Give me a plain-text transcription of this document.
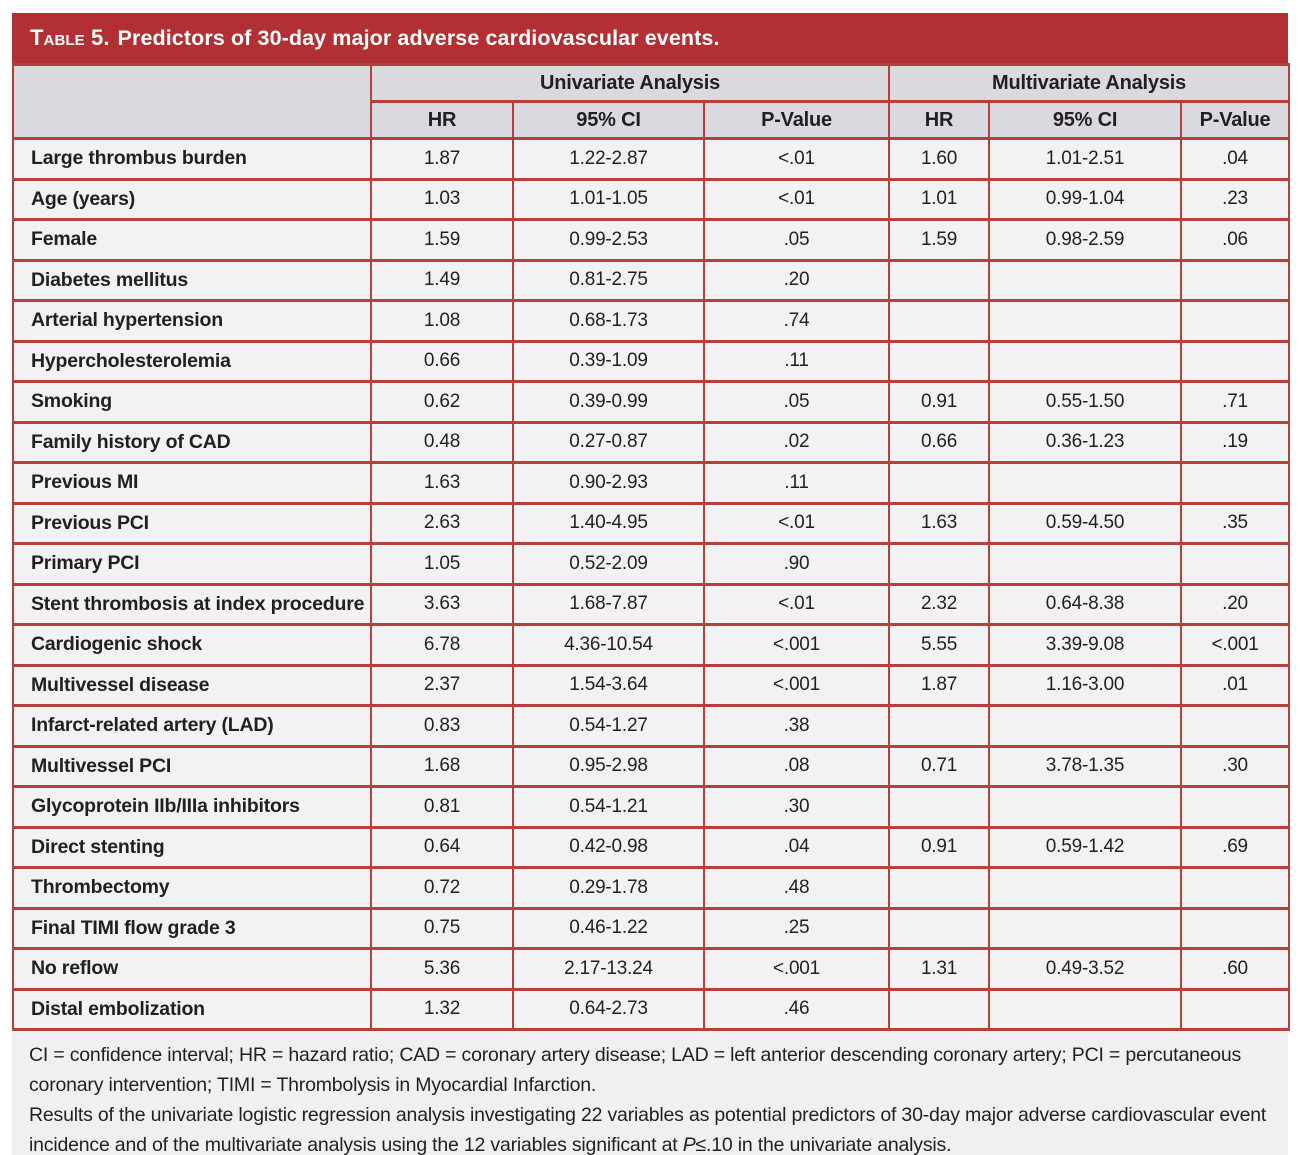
Table 5. Predictors of 30-day major adverse cardiovascular events.
	Univariate Analysis			Multivariate Analysis		
	HR	95% CI	P-Value	HR	95% CI	P-Value
Large thrombus burden	1.87	1.22-2.87	<.01	1.60	1.01-2.51	.04
Age (years)	1.03	1.01-1.05	<.01	1.01	0.99-1.04	.23
Female	1.59	0.99-2.53	.05	1.59	0.98-2.59	.06
Diabetes mellitus	1.49	0.81-2.75	.20			
Arterial hypertension	1.08	0.68-1.73	.74			
Hypercholesterolemia	0.66	0.39-1.09	.11			
Smoking	0.62	0.39-0.99	.05	0.91	0.55-1.50	.71
Family history of CAD	0.48	0.27-0.87	.02	0.66	0.36-1.23	.19
Previous MI	1.63	0.90-2.93	.11			
Previous PCI	2.63	1.40-4.95	<.01	1.63	0.59-4.50	.35
Primary PCI	1.05	0.52-2.09	.90			
Stent thrombosis at index procedure	3.63	1.68-7.87	<.01	2.32	0.64-8.38	.20
Cardiogenic shock	6.78	4.36-10.54	<.001	5.55	3.39-9.08	<.001
Multivessel disease	2.37	1.54-3.64	<.001	1.87	1.16-3.00	.01
Infarct-related artery (LAD)	0.83	0.54-1.27	.38			
Multivessel PCI	1.68	0.95-2.98	.08	0.71	3.78-1.35	.30
Glycoprotein IIb/IIIa inhibitors	0.81	0.54-1.21	.30			
Direct stenting	0.64	0.42-0.98	.04	0.91	0.59-1.42	.69
Thrombectomy	0.72	0.29-1.78	.48			
Final TIMI flow grade 3	0.75	0.46-1.22	.25			
No reflow	5.36	2.17-13.24	<.001	1.31	0.49-3.52	.60
Distal embolization	1.32	0.64-2.73	.46			
CI = confidence interval; HR = hazard ratio; CAD = coronary artery disease; LAD = left anterior descending coronary artery; PCI = percutaneous coronary intervention; TIMI = Thrombolysis in Myocardial Infarction.
Results of the univariate logistic regression analysis investigating 22 variables as potential predictors of 30-day major adverse cardiovascular event incidence and of the multivariate analysis using the 12 variables significant at P≤.10 in the univariate analysis.
